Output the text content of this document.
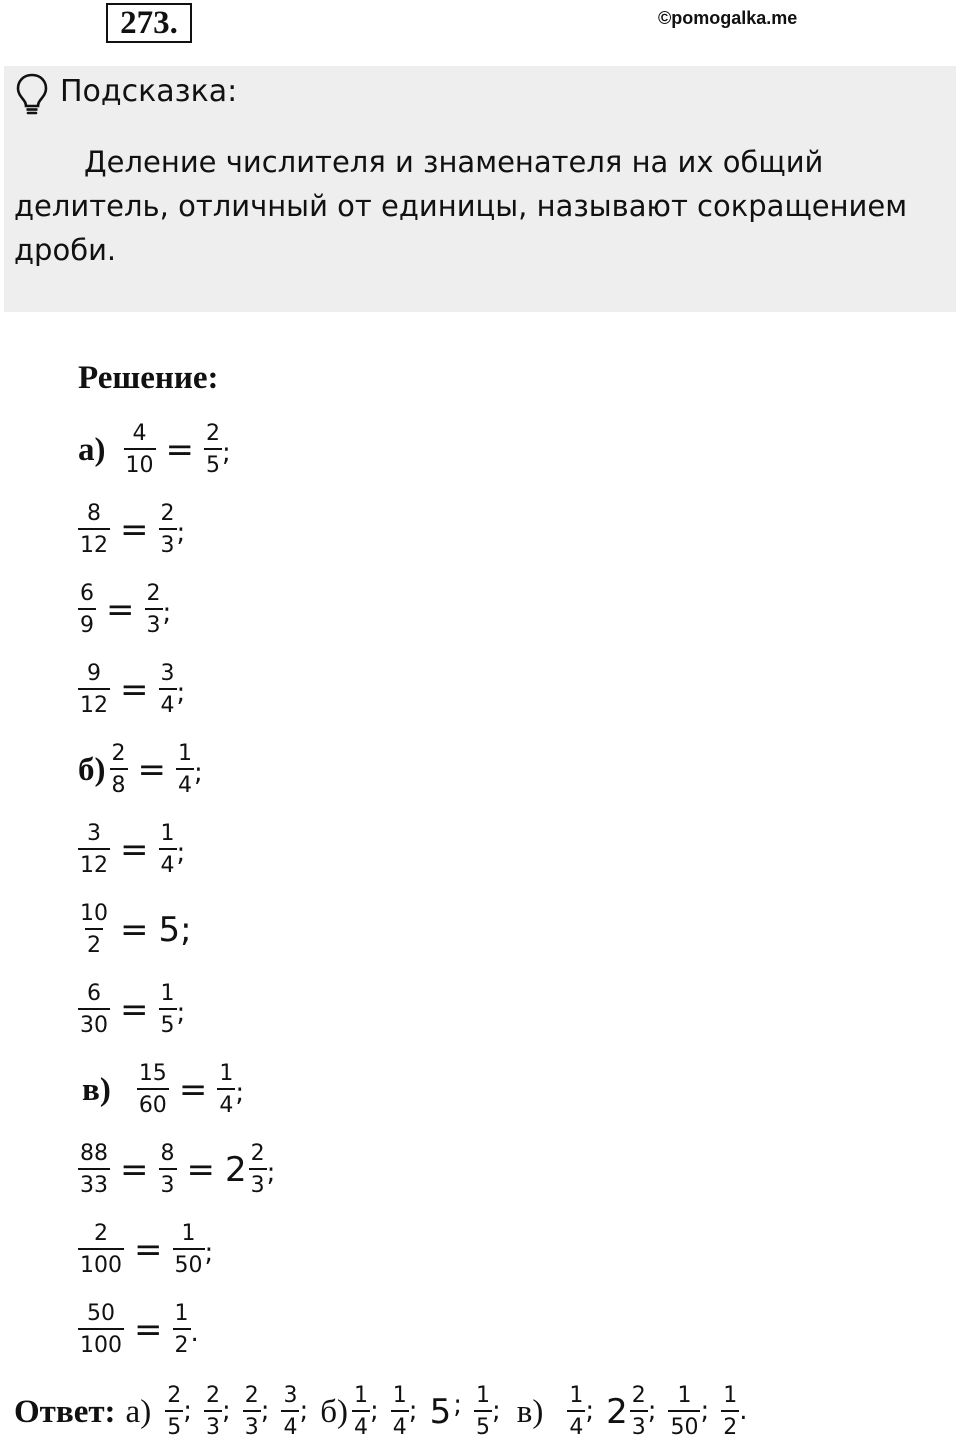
273.	©pomogalka.me
Подсказка:
Деление числителя и знаменателя на их общий делитель, отличный от единицы, называют сокращением дроби.
Решение:
$а) \frac{4}{10} = \frac{2}{5}$ ;
$\frac{8}{12} = \frac{2}{3}$ ;
$\frac{6}{9} = \frac{2}{3}$ ;
$\frac{9}{12} = \frac{3}{4}$ ;
$б) \frac{2}{8} = \frac{1}{4}$ ;
$\frac{3}{12} = \frac{1}{4}$ ;
$\frac{10}{2} = 5$;
$\frac{6}{30} = \frac{1}{5}$ ;
$в) \frac{15}{60} = \frac{1}{4}$ ;
$\frac{88}{33} = \frac{8}{3} = 2 \frac{2}{3}$ ;
$\frac{2}{100} = \frac{1}{50}$ ;
$\frac{50}{100} = \frac{1}{2}$ .
Ответ: $а) \frac{2}{5}$ ; $\frac{2}{3}$ ; $\frac{2}{3}$ ; $\frac{3}{4}$ ; $б) \frac{1}{4}$ ; $\frac{1}{4}$ ; 5 ; $\frac{1}{5}$ ; $в) \frac{1}{4}$ ; $2 \frac{2}{3}$ ; $\frac{1}{50}$ ; $\frac{1}{2}$ .
